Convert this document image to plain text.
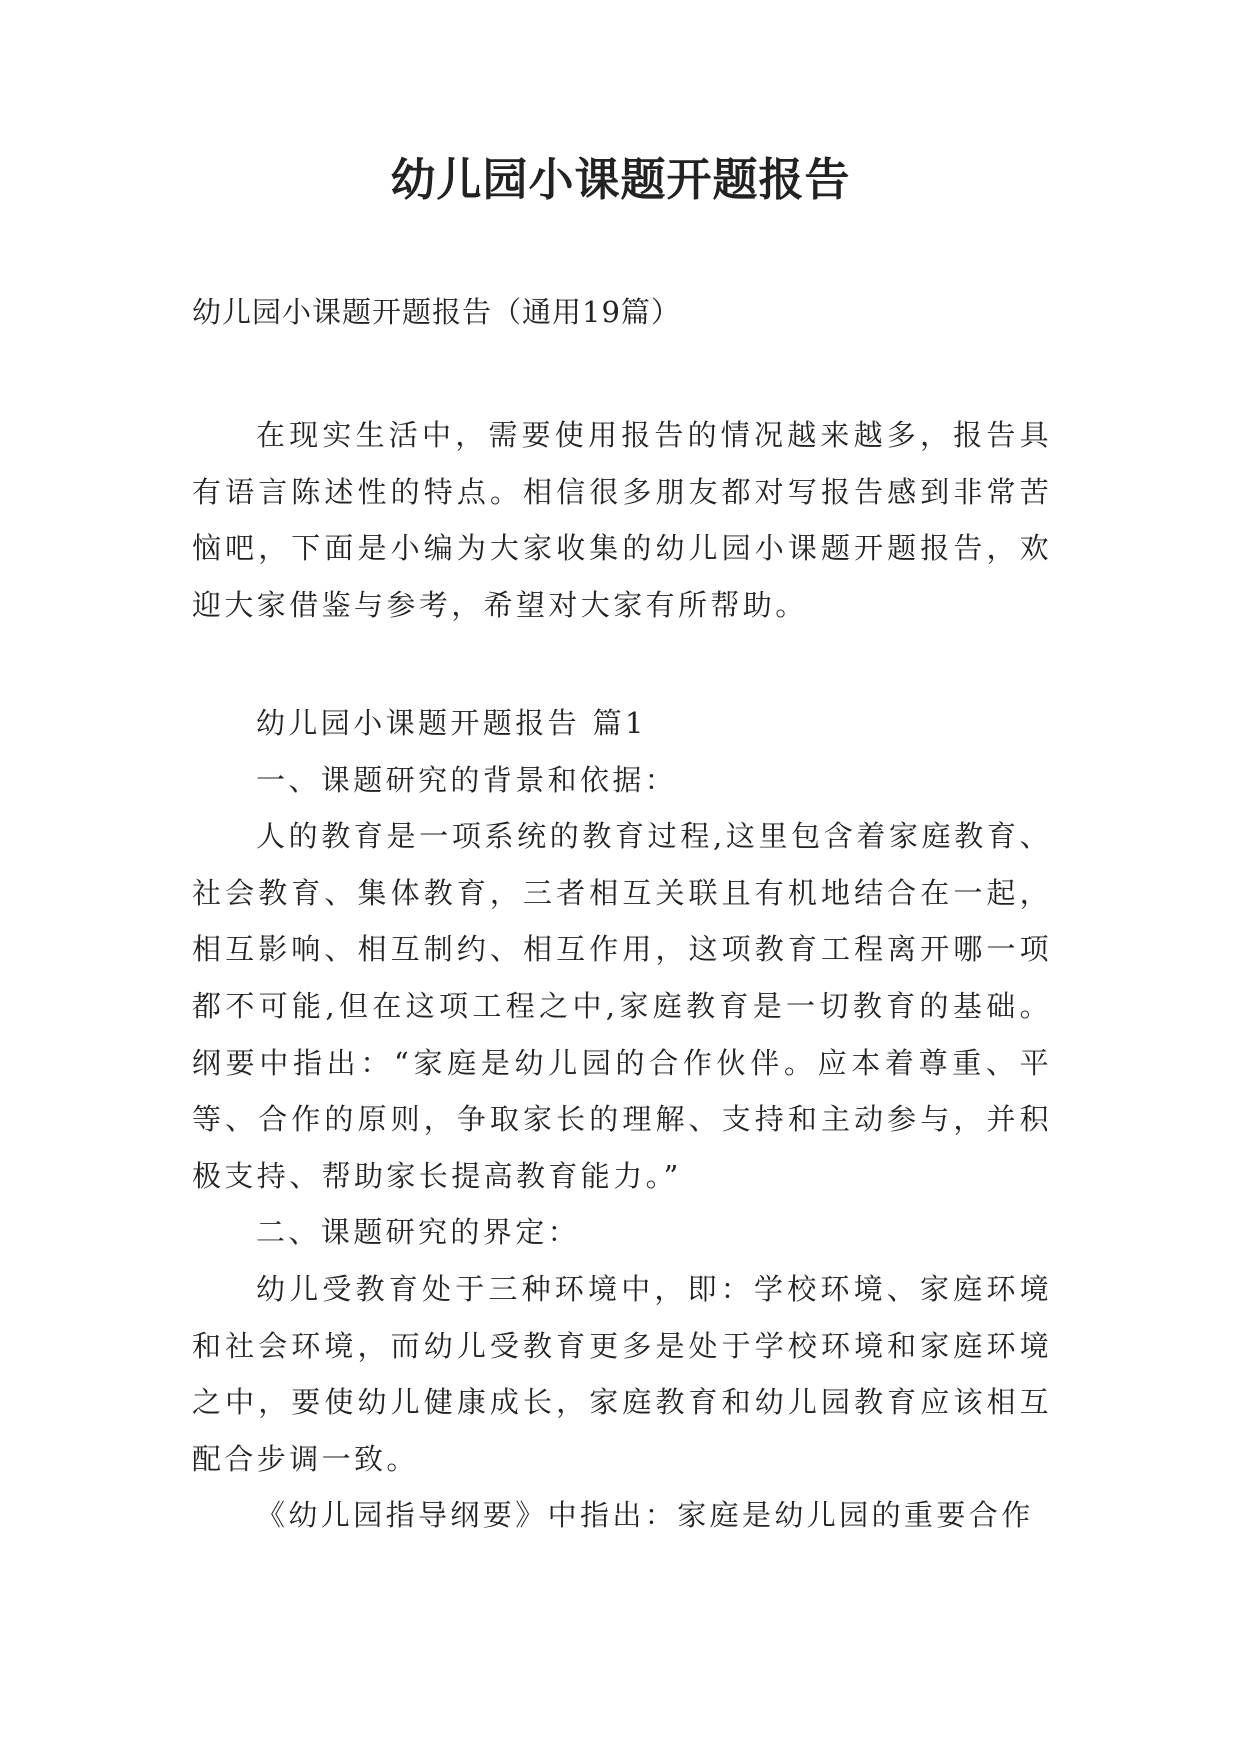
幼儿园小课题开题报告

幼儿园小课题开题报告（通用19篇）

在现实生活中，需要使用报告的情况越来越多，报告具有语言陈述性的特点。相信很多朋友都对写报告感到非常苦恼吧，下面是小编为大家收集的幼儿园小课题开题报告，欢迎大家借鉴与参考，希望对大家有所帮助。

幼儿园小课题开题报告 篇1

一、课题研究的背景和依据：

人的教育是一项系统的教育过程,这里包含着家庭教育、社会教育、集体教育，三者相互关联且有机地结合在一起，相互影响、相互制约、相互作用，这项教育工程离开哪一项都不可能,但在这项工程之中,家庭教育是一切教育的基础。纲要中指出：“家庭是幼儿园的合作伙伴。应本着尊重、平等、合作的原则，争取家长的理解、支持和主动参与，并积极支持、帮助家长提高教育能力。”

二、课题研究的界定：

幼儿受教育处于三种环境中，即：学校环境、家庭环境和社会环境，而幼儿受教育更多是处于学校环境和家庭环境之中，要使幼儿健康成长，家庭教育和幼儿园教育应该相互配合步调一致。

《幼儿园指导纲要》中指出：家庭是幼儿园的重要合作
